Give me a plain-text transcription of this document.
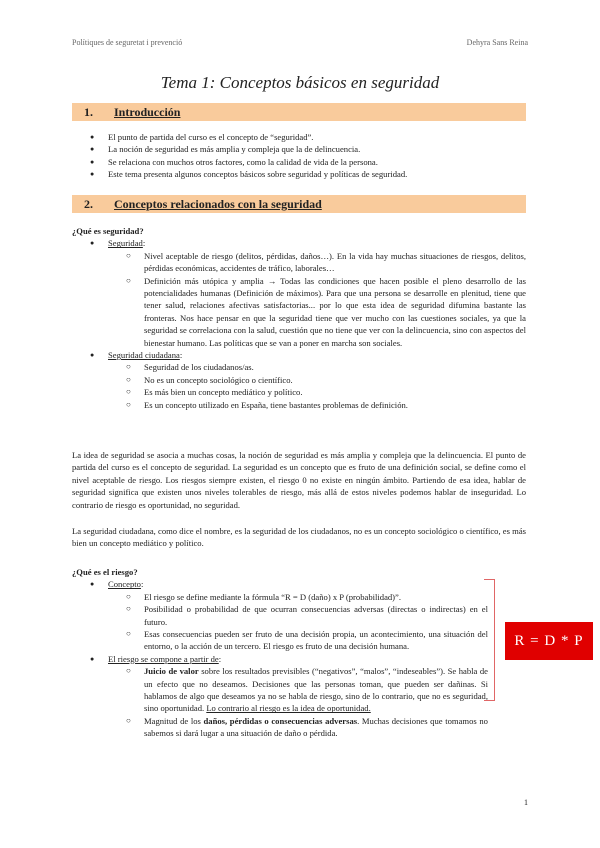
Polítiques de seguretat i prevenció	Dehyra Sans Reina
Tema 1: Conceptos básicos en seguridad
1. Introducción
● El punto de partida del curso es el concepto de “seguridad”.
● La noción de seguridad es más amplia y compleja que la de delincuencia.
● Se relaciona con muchos otros factores, como la calidad de vida de la persona.
● Este tema presenta algunos conceptos básicos sobre seguridad y políticas de seguridad.
2. Conceptos relacionados con la seguridad

¿Qué es seguridad?

● Seguridad:
○ Nivel aceptable de riesgo (delitos, pérdidas, daños…). En la vida hay muchas situaciones de riesgos, delitos, pérdidas económicas, accidentes de tráfico, laborales…
○ Definición más utópica y amplia → Todas las condiciones que hacen posible el pleno desarrollo de las potencialidades humanas (Definición de máximos). Para que una persona se desarrolle en plenitud, tiene que tener salud, relaciones afectivas satisfactorias... por lo que esta idea de seguridad difumina bastante las fronteras. Nos hace pensar en que la seguridad tiene que ver mucho con las cuestiones sociales, ya que la seguridad se correlaciona con la salud, cuestión que no tiene que ver con la delincuencia, sino con aspectos del bienestar humano. Las políticas que se van a poner en marcha son sociales.
● Seguridad ciudadana:
○ Seguridad de los ciudadanos/as.
○ No es un concepto sociológico o científico.
○ Es más bien un concepto mediático y político.
○ Es un concepto utilizado en España, tiene bastantes problemas de definición.

La idea de seguridad se asocia a muchas cosas, la noción de seguridad es más amplia y compleja que la delincuencia. El punto de partida del curso es el concepto de seguridad. La seguridad es un concepto que es fruto de una definición social, se define como el nivel aceptable de riesgo. Los riesgos siempre existen, el riesgo 0 no existe en ningún ámbito. Partiendo de esa idea, hablar de seguridad significa que existen unos niveles tolerables de riesgo, más allá de estos niveles podemos hablar de inseguridad. Lo contrario de riesgo es oportunidad, no seguridad.

La seguridad ciudadana, como dice el nombre, es la seguridad de los ciudadanos, no es un concepto sociológico o científico, es más bien un concepto mediático y político.

¿Qué es el riesgo?

● Concepto:
○ El riesgo se define mediante la fórmula “R = D (daño) x P (probabilidad)”.
○ Posibilidad o probabilidad de que ocurran consecuencias adversas (directas o indirectas) en el futuro.
○ Esas consecuencias pueden ser fruto de una decisión propia, un acontecimiento, una situación del entorno, o la acción de un tercero. El riesgo es fruto de una decisión humana.
● El riesgo se compone a partir de:
○ Juicio de valor sobre los resultados previsibles (“negativos”, “malos”, “indeseables”). Se habla de un efecto que no deseamos. Decisiones que las personas toman, que pueden ser dañinas. Si hablamos de algo que deseamos ya no se habla de riesgo, sino de lo contrario, que no es seguridad, sino oportunidad. Lo contrario al riesgo es la idea de oportunidad.
○ Magnitud de los daños, pérdidas o consecuencias adversas. Muchas decisiones que tomamos no sabemos si dará lugar a una situación de daño o pérdida.
R = D * P
1
